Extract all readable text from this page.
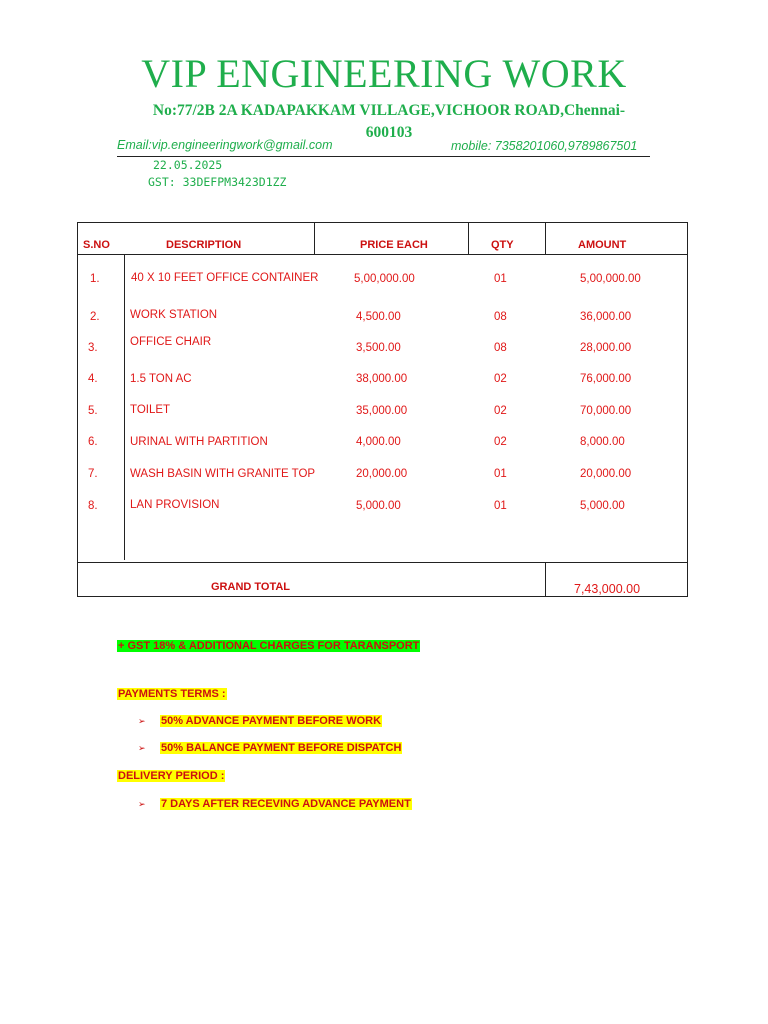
VIP ENGINEERING WORK
No:77/2B 2A KADAPAKKAM VILLAGE,VICHOOR ROAD,Chennai-600103
Email:vip.engineeringwork@gmail.com	mobile: 7358201060,9789867501
22.05.2025
GST: 33DEFPM3423D1ZZ
S.NO	DESCRIPTION	PRICE EACH	QTY	AMOUNT
1.	40 X 10 FEET OFFICE CONTAINER	5,00,000.00	01	5,00,000.00
2.	WORK STATION	4,500.00	08	36,000.00
3.	OFFICE CHAIR	3,500.00	08	28,000.00
4.	1.5 TON AC	38,000.00	02	76,000.00
5.	TOILET	35,000.00	02	70,000.00
6.	URINAL WITH PARTITION	4,000.00	02	8,000.00
7.	WASH BASIN WITH GRANITE TOP	20,000.00	01	20,000.00
8.	LAN PROVISION	5,000.00	01	5,000.00
GRAND TOTAL	7,43,000.00
+ GST 18% & ADDITIONAL CHARGES FOR TARANSPORT
PAYMENTS TERMS :
➢ 50% ADVANCE PAYMENT BEFORE WORK
➢ 50% BALANCE PAYMENT BEFORE DISPATCH
DELIVERY PERIOD :
➢ 7 DAYS AFTER RECEVING ADVANCE PAYMENT
